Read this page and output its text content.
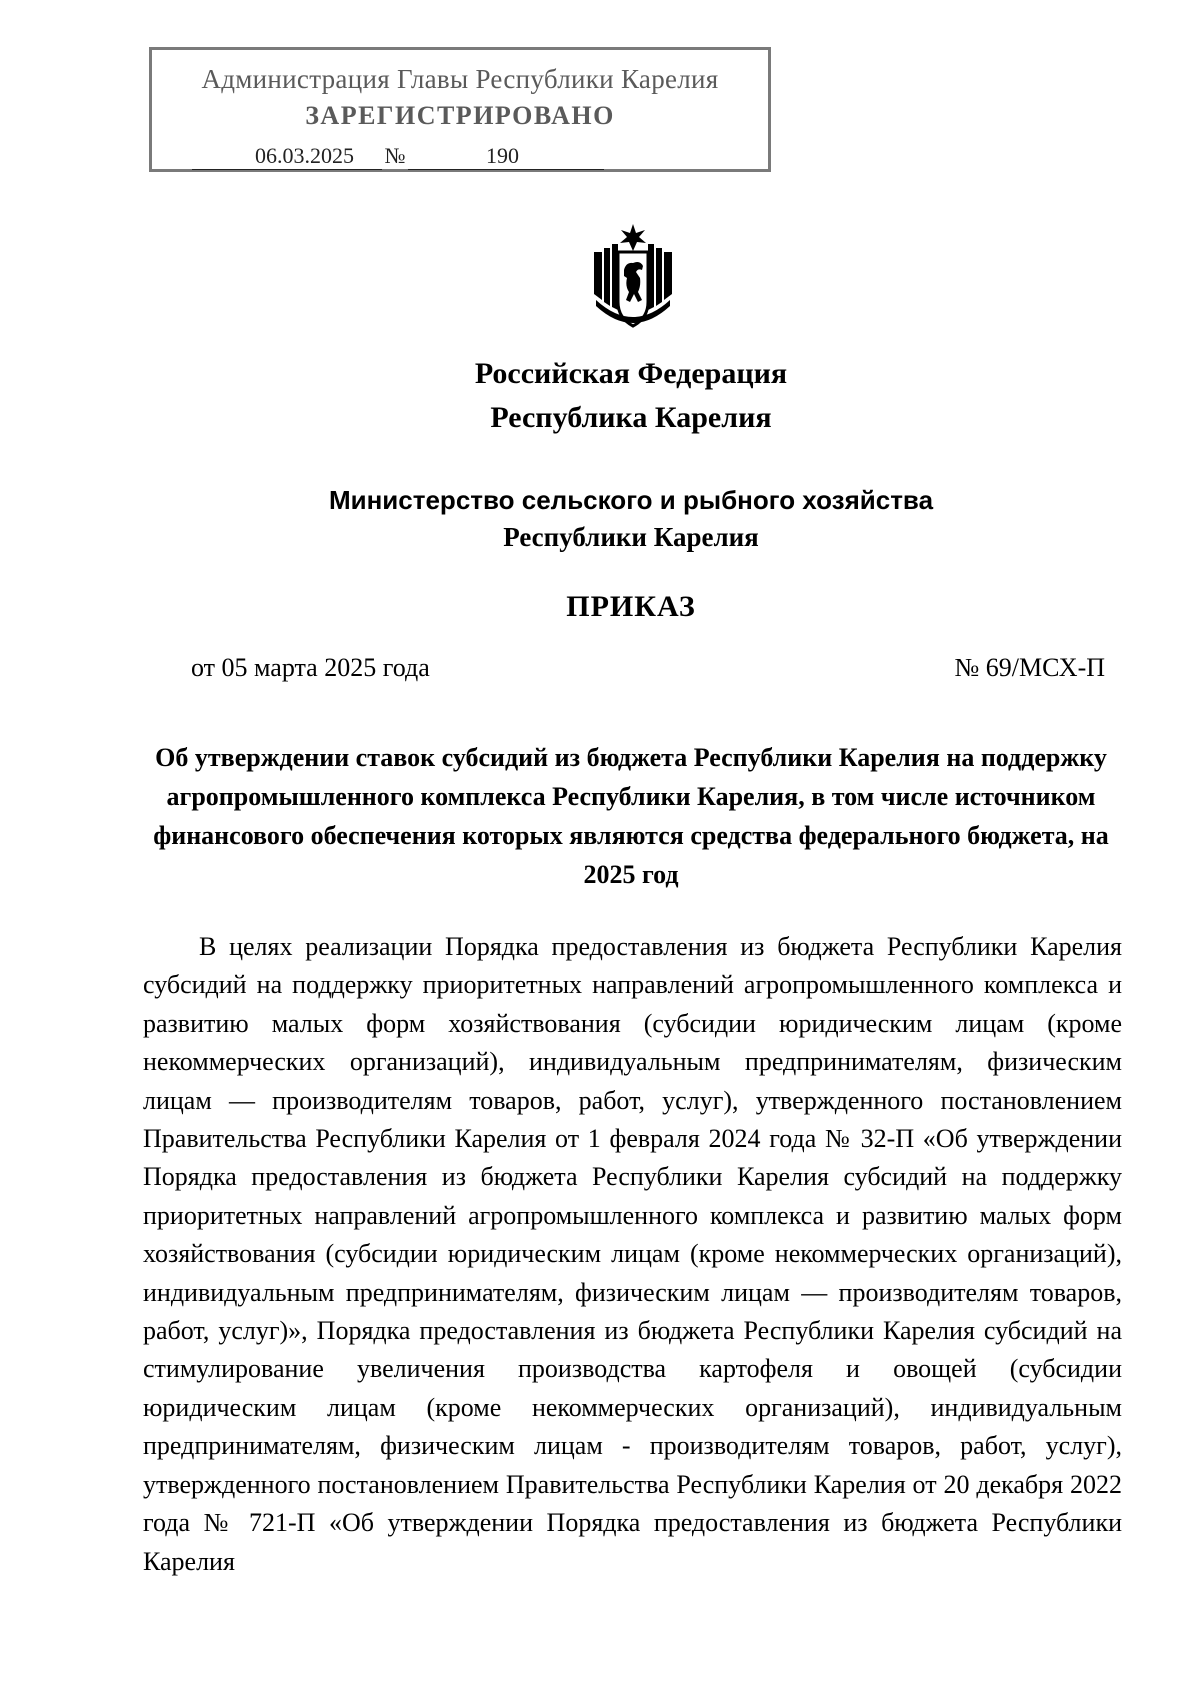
Администрация Главы Республики Карелия
ЗАРЕГИСТРИРОВАНО
06.03.2025	№	190
Российская Федерация
Республика Карелия
Министерство сельского и рыбного хозяйства
Республики Карелия
ПРИКАЗ
от 05 марта 2025 года	№ 69/МСХ-П
Об утверждении ставок субсидий из бюджета Республики Карелия на поддержку агропромышленного комплекса Республики Карелия, в том числе источником финансового обеспечения которых являются средства федерального бюджета, на 2025 год

В целях реализации Порядка предоставления из бюджета Республики Карелия субсидий на поддержку приоритетных направлений агропромышленного комплекса и развитию малых форм хозяйствования (субсидии юридическим лицам (кроме некоммерческих организаций), индивидуальным предпринимателям, физическим лицам — производителям товаров, работ, услуг), утвержденного постановлением Правительства Республики Карелия от 1 февраля 2024 года № 32-П «Об утверждении Порядка предоставления из бюджета Республики Карелия субсидий на поддержку приоритетных направлений агропромышленного комплекса и развитию малых форм хозяйствования (субсидии юридическим лицам (кроме некоммерческих организаций), индивидуальным предпринимателям, физическим лицам — производителям товаров, работ, услуг)», Порядка предоставления из бюджета Республики Карелия субсидий на стимулирование увеличения производства картофеля и овощей (субсидии юридическим лицам (кроме некоммерческих организаций), индивидуальным предпринимателям, физическим лицам - производителям товаров, работ, услуг), утвержденного постановлением Правительства Республики Карелия от 20 декабря 2022 года № 721-П «Об утверждении Порядка предоставления из бюджета Республики Карелия
